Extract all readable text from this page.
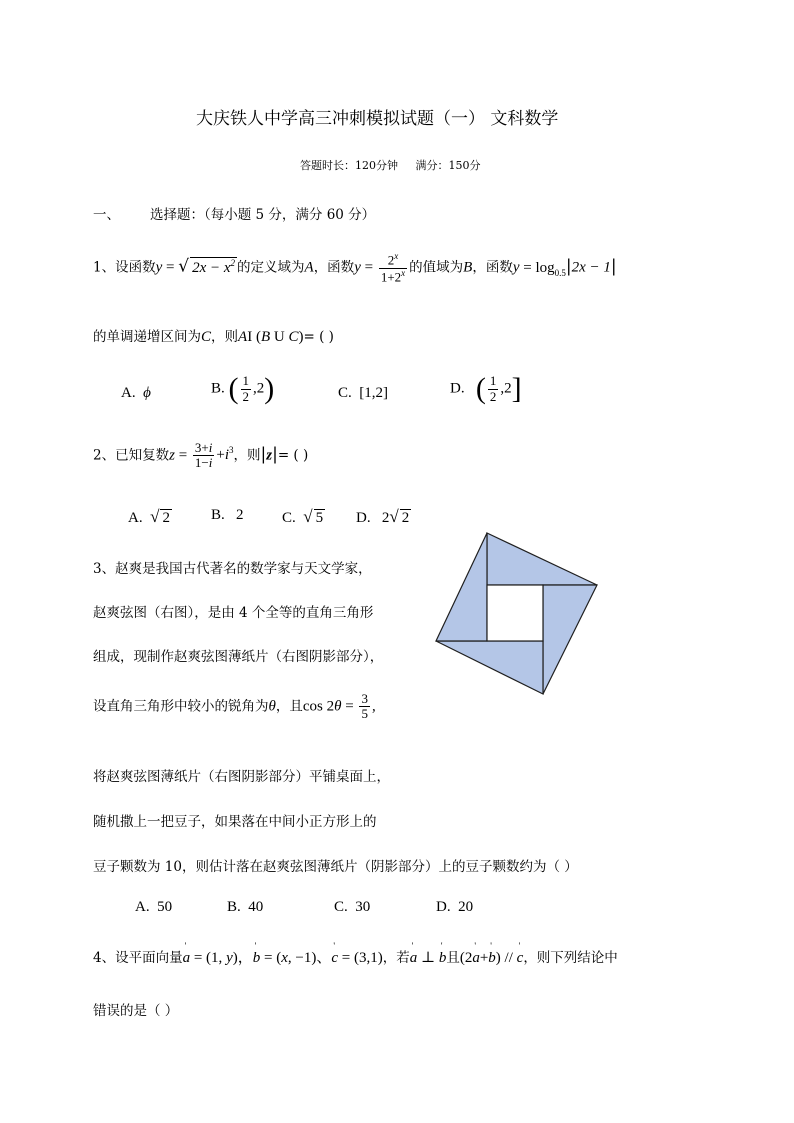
大庆铁人中学高三冲刺模拟试题（一） 文科数学
答题时长：120分钟     满分：150分
一、 选择题：（每小题 5 分，满分 60 分）
1、设函数y = √ $2x - x^2$ 的定义域为A，函数$y = \frac{2^x}{1+2^x}$ 的值域为B，函数$y = \log_{0.5}|2x - 1|$
的单调递增区间为C，则AI (B U C)= ( )
A. ϕ	B. ( $\frac{1}{2} ,2$)	C.  [1,2]	D. ( $\frac{1}{2} ,2$]
2、已知复数$z = \frac{3+i}{1-i} +i^3$，则|z|= ( )
A. √ 2	B. 2	C. √ 5 D.   2√ 2
3、赵爽是我国古代著名的数学家与天文学家，
赵爽弦图（右图），是由 4 个全等的直角三角形
组成，现制作赵爽弦图薄纸片（右图阴影部分），
设直角三角形中较小的锐角为θ，且$\cos 2\theta = \frac{3}{5}$ ,
将赵爽弦图薄纸片（右图阴影部分）平铺桌面上，
随机撒上一把豆子，如果落在中间小正方形上的
豆子颗数为 10，则估计落在赵爽弦图薄纸片（阴影部分）上的豆子颗数约为（ ）
A.  50	B.  40	C.  30	D.  20
4、设平面向量' a = (1, y)，' b = (x, −1)、' c = (3,1)，若' a ⊥ ' b且(2' a+' b) // ' c，则下列结论中
错误的是（ ）
